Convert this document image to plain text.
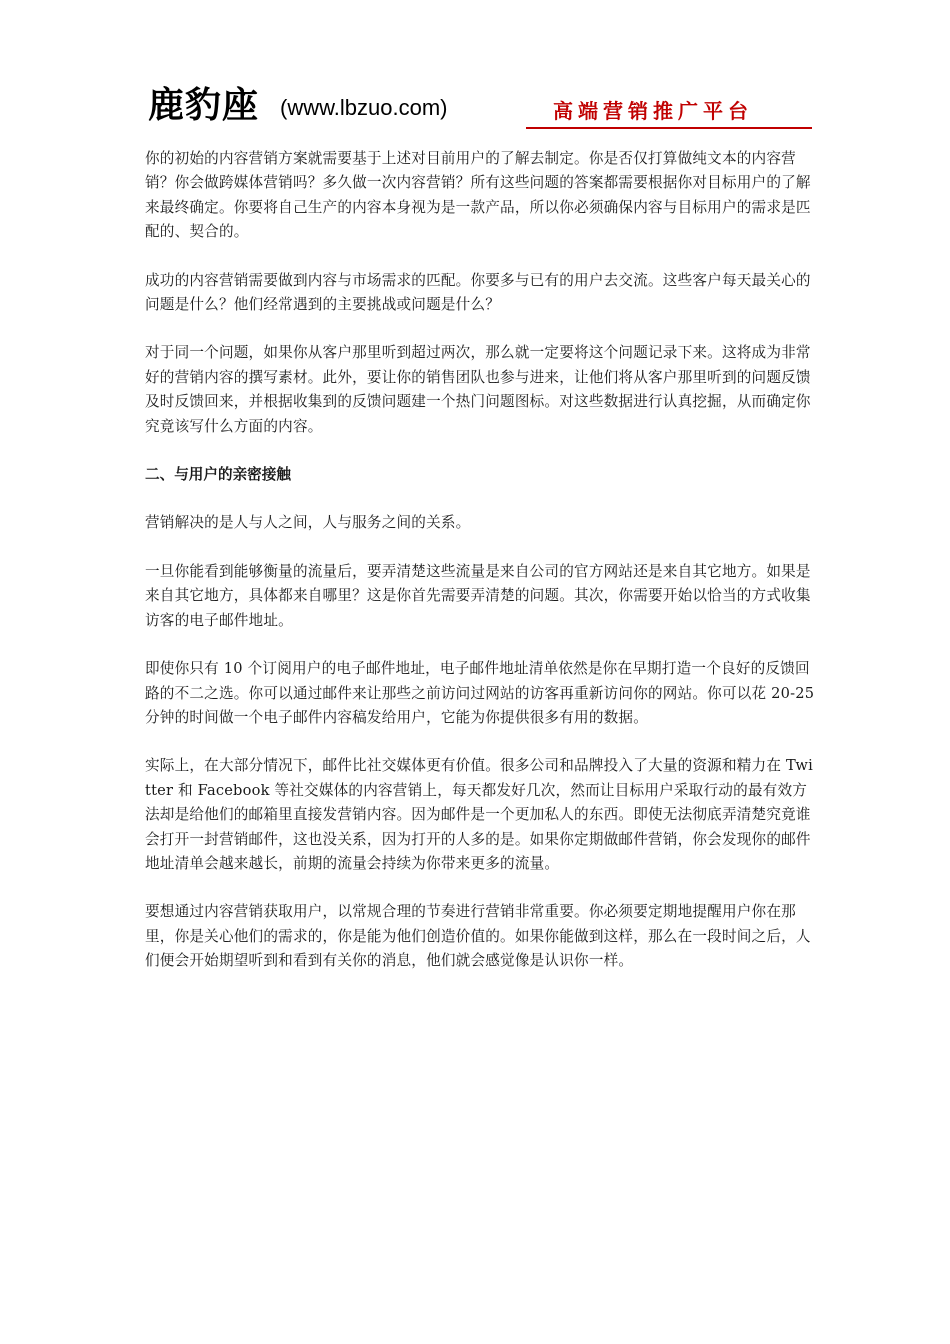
鹿豹座 (www.lbzuo.com)	高端营销推广平台

你的初始的内容营销方案就需要基于上述对目前用户的了解去制定。你是否仅打算做纯文本的内容营销？你会做跨媒体营销吗？多久做一次内容营销？所有这些问题的答案都需要根据你对目标用户的了解来最终确定。你要将自己生产的内容本身视为是一款产品，所以你必须确保内容与目标用户的需求是匹配的、契合的。

成功的内容营销需要做到内容与市场需求的匹配。你要多与已有的用户去交流。这些客户每天最关心的问题是什么？他们经常遇到的主要挑战或问题是什么？

对于同一个问题，如果你从客户那里听到超过两次，那么就一定要将这个问题记录下来。这将成为非常好的营销内容的撰写素材。此外，要让你的销售团队也参与进来，让他们将从客户那里听到的问题反馈及时反馈回来，并根据收集到的反馈问题建一个热门问题图标。对这些数据进行认真挖掘，从而确定你究竟该写什么方面的内容。

二、与用户的亲密接触

营销解决的是人与人之间，人与服务之间的关系。

一旦你能看到能够衡量的流量后，要弄清楚这些流量是来自公司的官方网站还是来自其它地方。如果是来自其它地方，具体都来自哪里？这是你首先需要弄清楚的问题。其次，你需要开始以恰当的方式收集访客的电子邮件地址。

即使你只有 10 个订阅用户的电子邮件地址，电子邮件地址清单依然是你在早期打造一个良好的反馈回路的不二之选。你可以通过邮件来让那些之前访问过网站的访客再重新访问你的网站。你可以花 20-25 分钟的时间做一个电子邮件内容稿发给用户，它能为你提供很多有用的数据。

实际上，在大部分情况下，邮件比社交媒体更有价值。很多公司和品牌投入了大量的资源和精力在 Twitter 和 Facebook 等社交媒体的内容营销上，每天都发好几次，然而让目标用户采取行动的最有效方法却是给他们的邮箱里直接发营销内容。因为邮件是一个更加私人的东西。即使无法彻底弄清楚究竟谁会打开一封营销邮件，这也没关系，因为打开的人多的是。如果你定期做邮件营销，你会发现你的邮件地址清单会越来越长，前期的流量会持续为你带来更多的流量。

要想通过内容营销获取用户，以常规合理的节奏进行营销非常重要。你必须要定期地提醒用户你在那里，你是关心他们的需求的，你是能为他们创造价值的。如果你能做到这样，那么在一段时间之后，人们便会开始期望听到和看到有关你的消息，他们就会感觉像是认识你一样。
